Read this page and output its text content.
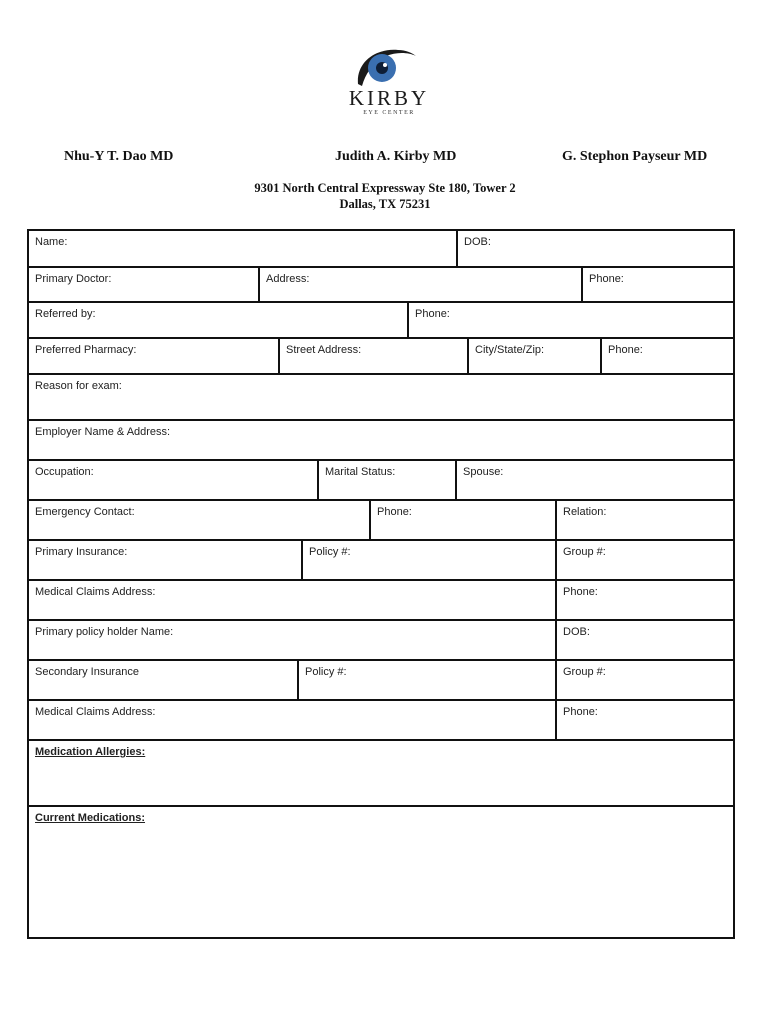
KIRBY
EYE CENTER
Nhu-Y T. Dao MD	Judith A. Kirby MD	G. Stephon Payseur MD
9301 North Central Expressway Ste 180, Tower 2
Dallas, TX 75231
Name:	DOB:
Primary Doctor:	Address:	Phone:
Referred by:	Phone:
Preferred Pharmacy:	Street Address:	City/State/Zip:	Phone:
Reason for exam:
Employer Name & Address:
Occupation:	Marital Status:	Spouse:
Emergency Contact:	Phone:	Relation:
Primary Insurance:	Policy #:	Group #:
Medical Claims Address:	Phone:
Primary policy holder Name:	DOB:
Secondary Insurance	Policy #:	Group #:
Medical Claims Address:	Phone:
Medication Allergies:
Current Medications:
